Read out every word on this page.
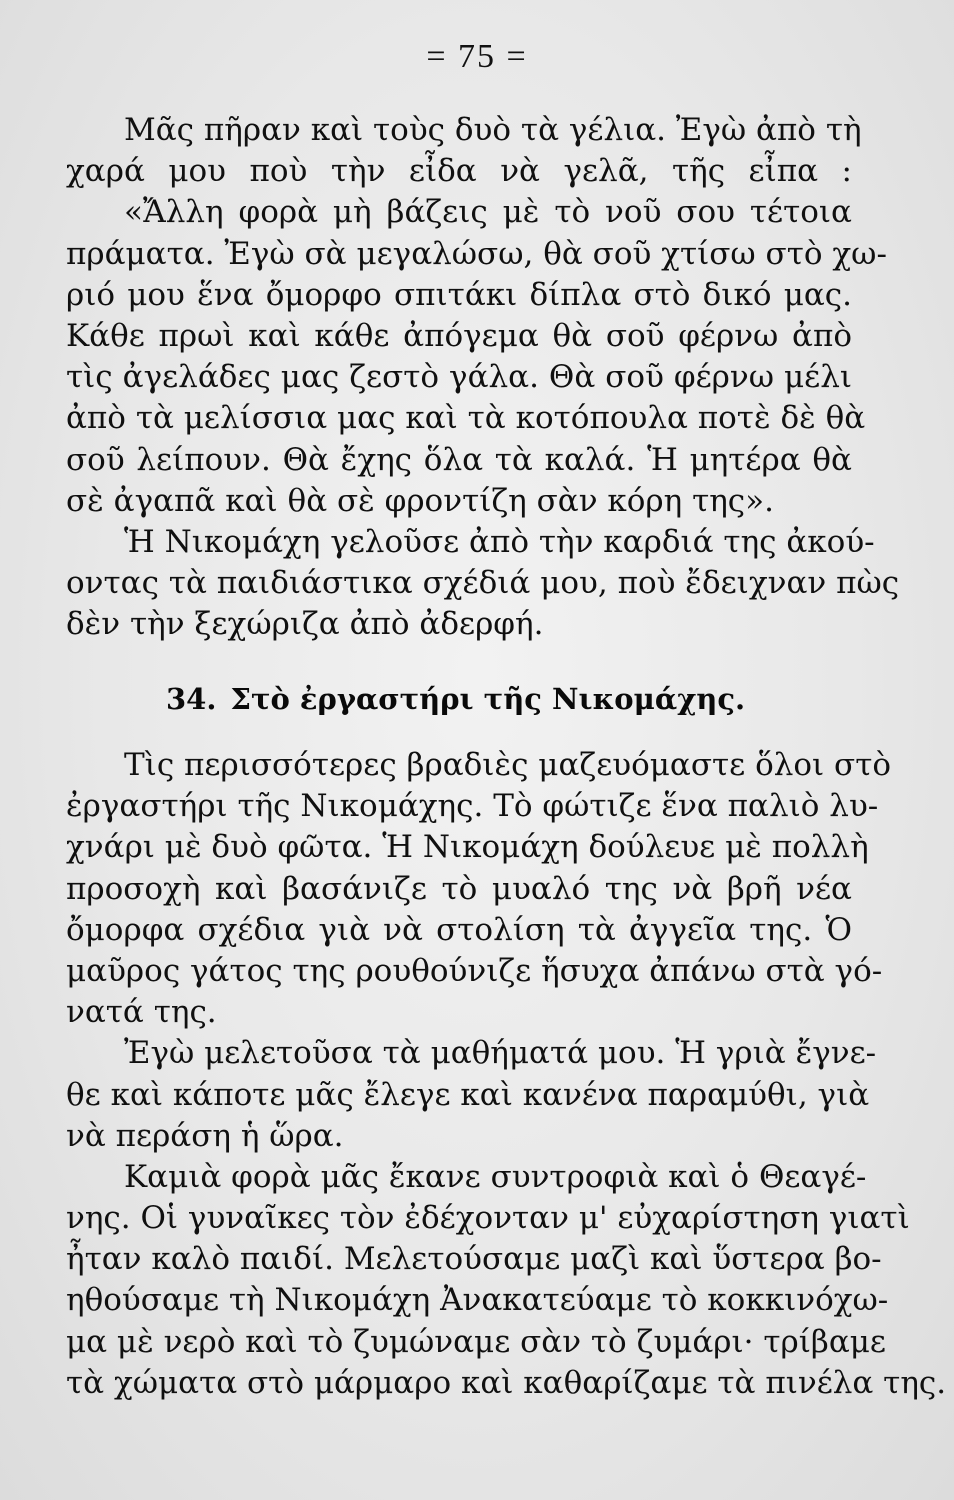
= 75 =
Μᾶς πῆραν καὶ τοὺς δυὸ τὰ γέλια. Ἐγὼ ἀπὸ τὴ
χαρά μου ποὺ τὴν εἶδα νὰ γελᾶ, τῆς εἶπα :
«Ἄλλη φορὰ μὴ βάζεις μὲ τὸ νοῦ σου τέτοια
πράματα. Ἐγὼ σὰ μεγαλώσω, θὰ σοῦ χτίσω στὸ χω-
ριό μου ἕνα ὄμορφο σπιτάκι δίπλα στὸ δικό μας.
Κάθε πρωὶ καὶ κάθε ἀπόγεμα θὰ σοῦ φέρνω ἀπὸ
τὶς ἀγελάδες μας ζεστὸ γάλα. Θὰ σοῦ φέρνω μέλι
ἀπὸ τὰ μελίσσια μας καὶ τὰ κοτόπουλα ποτὲ δὲ θὰ
σοῦ λείπουν. Θὰ ἔχης ὅλα τὰ καλά. Ἡ μητέρα θὰ
σὲ ἀγαπᾶ καὶ θὰ σὲ φροντίζη σὰν κόρη της».
Ἡ Νικομάχη γελοῦσε ἀπὸ τὴν καρδιά της ἀκού-
οντας τὰ παιδιάστικα σχέδιά μου, ποὺ ἔδειχναν πὼς
δὲν τὴν ξεχώριζα ἀπὸ ἀδερφή.
34. Στὸ ἐργαστήρι τῆς Νικομάχης.
Τὶς περισσότερες βραδιὲς μαζευόμαστε ὅλοι στὸ
ἐργαστήρι τῆς Νικομάχης. Τὸ φώτιζε ἕνα παλιὸ λυ-
χνάρι μὲ δυὸ φῶτα. Ἡ Νικομάχη δούλευε μὲ πολλὴ
προσοχὴ καὶ βασάνιζε τὸ μυαλό της νὰ βρῆ νέα
ὄμορφα σχέδια γιὰ νὰ στολίση τὰ ἀγγεῖα της. Ὁ
μαῦρος γάτος της ρουθούνιζε ἥσυχα ἀπάνω στὰ γό-
νατά της.
Ἐγὼ μελετοῦσα τὰ μαθήματά μου. Ἡ γριὰ ἔγνε-
θε καὶ κάποτε μᾶς ἔλεγε καὶ κανένα παραμύθι, γιὰ
νὰ περάση ἡ ὥρα.
Καμιὰ φορὰ μᾶς ἔκανε συντροφιὰ καὶ ὁ Θεαγέ-
νης. Οἱ γυναῖκες τὸν ἐδέχονταν μ' εὐχαρίστηση γιατὶ
ἦταν καλὸ παιδί. Μελετούσαμε μαζὶ καὶ ὕστερα βο-
ηθούσαμε τὴ Νικομάχη Ἀνακατεύαμε τὸ κοκκινόχω-
μα μὲ νερὸ καὶ τὸ ζυμώναμε σὰν τὸ ζυμάρι· τρίβαμε
τὰ χώματα στὸ μάρμαρο καὶ καθαρίζαμε τὰ πινέλα της.
